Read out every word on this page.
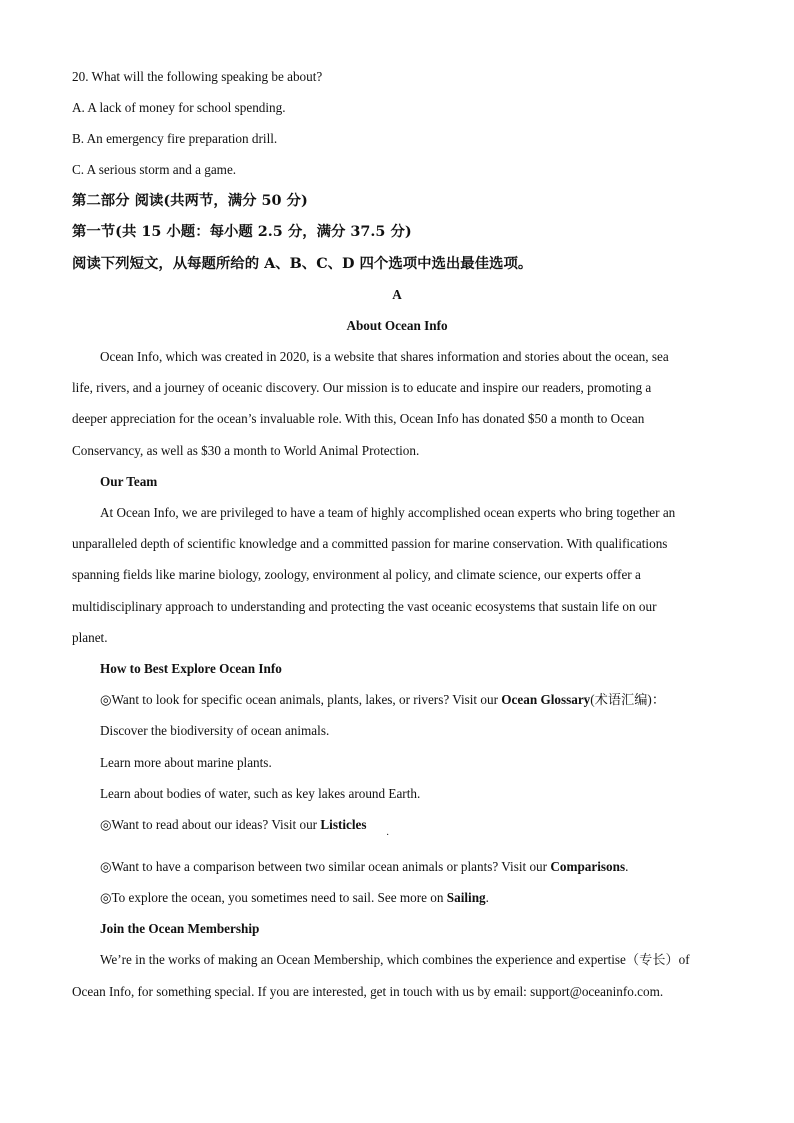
20. What will the following speaking be about?
A. A lack of money for school spending.
B. An emergency fire preparation drill.
C. A serious storm and a game.
第二部分 阅读(共两节，满分 50 分)
第一节(共 15 小题：每小题 2.5 分，满分 37.5 分)
阅读下列短文，从每题所给的 A、B、C、D 四个选项中选出最佳选项。
A
About Ocean Info
Ocean Info, which was created in 2020, is a website that shares information and stories about the ocean, sea
life, rivers, and a journey of oceanic discovery. Our mission is to educate and inspire our readers, promoting a
deeper appreciation for the ocean’s invaluable role. With this, Ocean Info has donated $50 a month to Ocean
Conservancy, as well as $30 a month to World Animal Protection.
Our Team
At Ocean Info, we are privileged to have a team of highly accomplished ocean experts who bring together an
unparalleled depth of scientific knowledge and a committed passion for marine conservation. With qualifications
spanning fields like marine biology, zoology, environment al policy, and climate science, our experts offer a
multidisciplinary approach to understanding and protecting the vast oceanic ecosystems that sustain life on our
planet.
How to Best Explore Ocean Info
◎Want to look for specific ocean animals, plants, lakes, or rivers? Visit our Ocean Glossary(术语汇编)：
Discover the biodiversity of ocean animals.
Learn more about marine plants.
Learn about bodies of water, such as key lakes around Earth.
◎Want to read about our ideas? Visit our Listicles
·
◎Want to have a comparison between two similar ocean animals or plants? Visit our Comparisons.
◎To explore the ocean, you sometimes need to sail. See more on Sailing.
Join the Ocean Membership
We’re in the works of making an Ocean Membership, which combines the experience and expertise（专长）of
Ocean Info, for something special. If you are interested, get in touch with us by email: support@oceaninfo.com.
